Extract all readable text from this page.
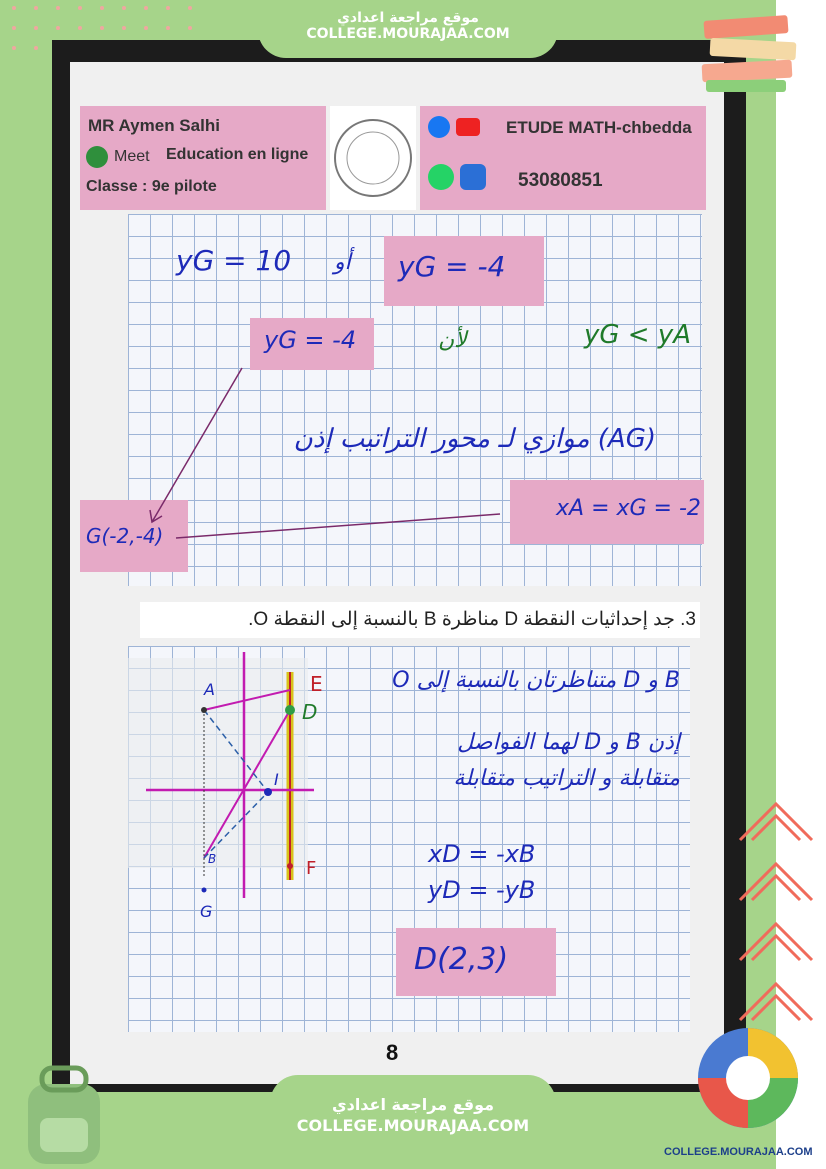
موقع مراجعة اعدادي
COLLEGE.MOURAJAA.COM
MR Aymen Salhi
Meet Education en ligne
Classe : 9e pilote
ETUDE MATH-chbedda
53080851
yG = 10 أو yG = -4
yG = -4	لأن	yG < yA
(AG) موازي لـ محور التراتيب إذن
xA = xG = -2
G(-2,-4)
3. جد إحداثيات النقطة D مناظرة B بالنسبة إلى النقطة O.
A	E
D
I
F
G
B
B و D متناظرتان بالنسبة إلى O
إذن B و D لهما الفواصل
متقابلة و التراتيب متقابلة
xD = -xB
yD = -yB
D(2,3)
8
موقع مراجعة اعدادي
COLLEGE.MOURAJAA.COM
COLLEGE.MOURAJAA.COM
